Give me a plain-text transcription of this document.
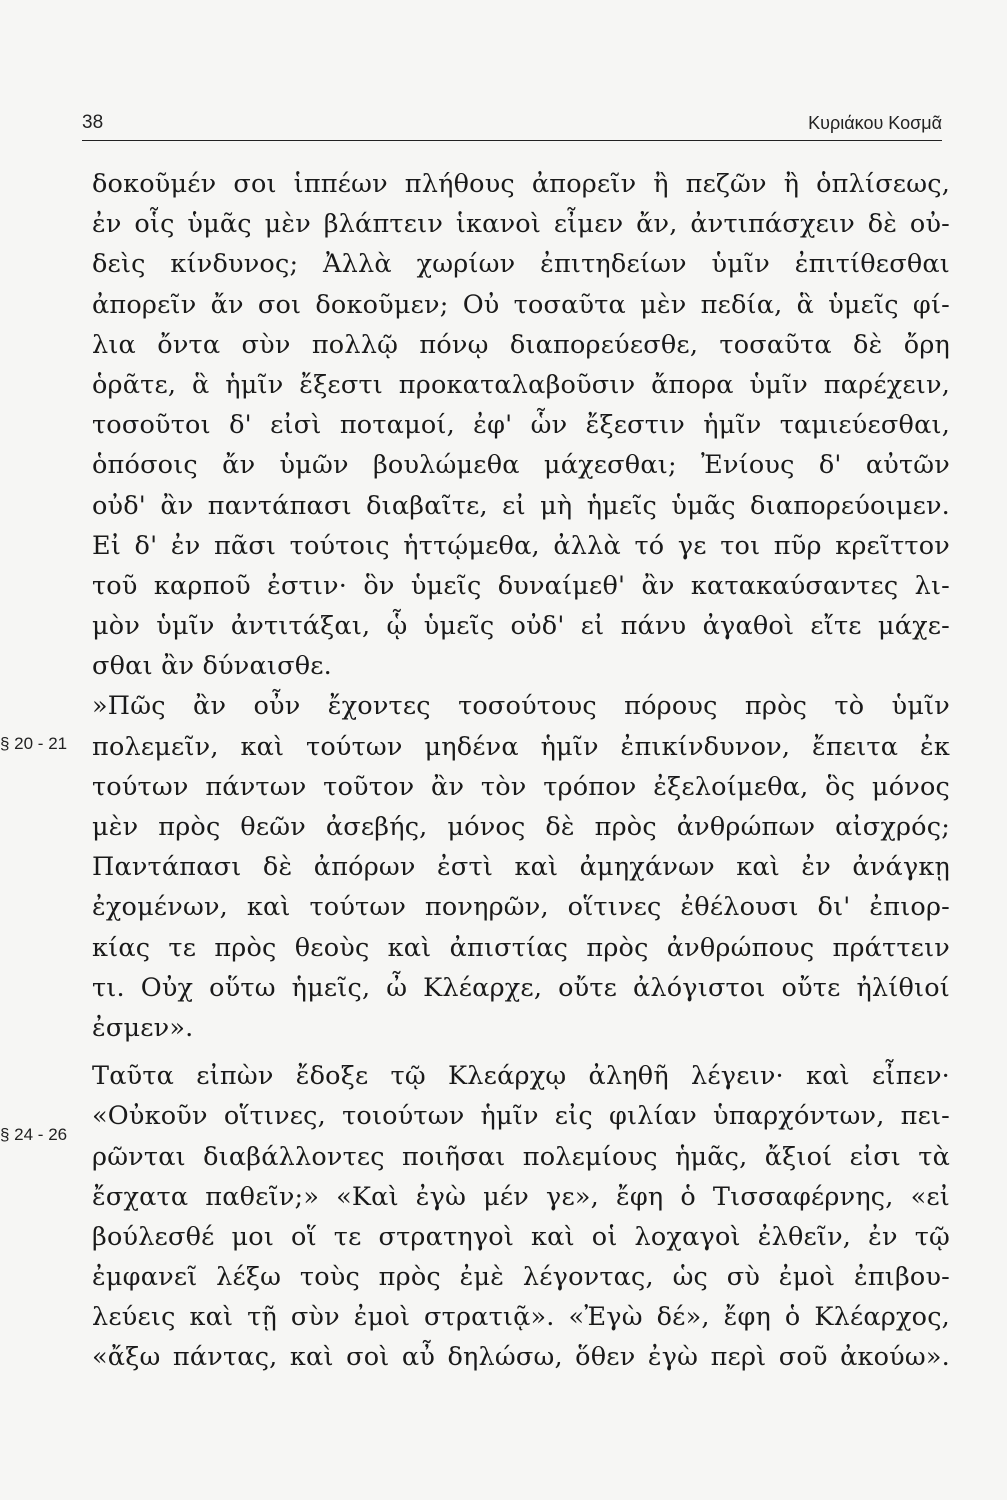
38	Κυριάκου Κοσμᾶ
§ 20 - 21
§ 24 - 26
δοκοῦμέν σοι ἱππέων πλήθους ἀπορεῖν ἢ πεζῶν ἢ ὁπλίσεως,
ἐν οἷς ὑμᾶς μὲν βλάπτειν ἱκανοὶ εἶμεν ἄν, ἀντιπάσχειν δὲ οὐ-
δεὶς κίνδυνος; Ἀλλὰ χωρίων ἐπιτηδείων ὑμῖν ἐπιτίθεσθαι
ἀπορεῖν ἄν σοι δοκοῦμεν; Οὐ τοσαῦτα μὲν πεδία, ἃ ὑμεῖς φί-
λια ὄντα σὺν πολλῷ πόνῳ διαπορεύεσθε, τοσαῦτα δὲ ὄρη
ὁρᾶτε, ἃ ἡμῖν ἔξεστι προκαταλαβοῦσιν ἄπορα ὑμῖν παρέχειν,
τοσοῦτοι δ' εἰσὶ ποταμοί, ἐφ' ὧν ἔξεστιν ἡμῖν ταμιεύεσθαι,
ὁπόσοις ἄν ὑμῶν βουλώμεθα μάχεσθαι; Ἐνίους δ' αὐτῶν
οὐδ' ἂν παντάπασι διαβαῖτε, εἰ μὴ ἡμεῖς ὑμᾶς διαπορεύοιμεν.
Εἰ δ' ἐν πᾶσι τούτοις ἡττῴμεθα, ἀλλὰ τό γε τοι πῦρ κρεῖττον
τοῦ καρποῦ ἐστιν· ὃν ὑμεῖς δυναίμεθ' ἂν κατακαύσαντες λι-
μὸν ὑμῖν ἀντιτάξαι, ᾧ ὑμεῖς οὐδ' εἰ πάνυ ἀγαθοὶ εἴτε μάχε-
σθαι ἂν δύναισθε.
»Πῶς ἂν οὖν ἔχοντες τοσούτους πόρους πρὸς τὸ ὑμῖν
πολεμεῖν, καὶ τούτων μηδένα ἡμῖν ἐπικίνδυνον, ἔπειτα ἐκ
τούτων πάντων τοῦτον ἂν τὸν τρόπον ἐξελοίμεθα, ὃς μόνος
μὲν πρὸς θεῶν ἀσεβής, μόνος δὲ πρὸς ἀνθρώπων αἰσχρός;
Παντάπασι δὲ ἀπόρων ἐστὶ καὶ ἀμηχάνων καὶ ἐν ἀνάγκῃ
ἐχομένων, καὶ τούτων πονηρῶν, οἵτινες ἐθέλουσι δι' ἐπιορ-
κίας τε πρὸς θεοὺς καὶ ἀπιστίας πρὸς ἀνθρώπους πράττειν
τι. Οὐχ οὕτω ἡμεῖς, ὦ Κλέαρχε, οὔτε ἀλόγιστοι οὔτε ἠλίθιοί
ἐσμεν».
Ταῦτα εἰπὼν ἔδοξε τῷ Κλεάρχῳ ἀληθῆ λέγειν· καὶ εἶπεν·
«Οὐκοῦν οἵτινες, τοιούτων ἡμῖν εἰς φιλίαν ὑπαρχόντων, πει-
ρῶνται διαβάλλοντες ποιῆσαι πολεμίους ἡμᾶς, ἄξιοί εἰσι τὰ
ἔσχατα παθεῖν;» «Καὶ ἐγὼ μέν γε», ἔφη ὁ Τισσαφέρνης, «εἰ
βούλεσθέ μοι οἵ τε στρατηγοὶ καὶ οἱ λοχαγοὶ ἐλθεῖν, ἐν τῷ
ἐμφανεῖ λέξω τοὺς πρὸς ἐμὲ λέγοντας, ὡς σὺ ἐμοὶ ἐπιβου-
λεύεις καὶ τῇ σὺν ἐμοὶ στρατιᾷ». «Ἐγὼ δέ», ἔφη ὁ Κλέαρχος,
«ἄξω πάντας, καὶ σοὶ αὖ δηλώσω, ὅθεν ἐγὼ περὶ σοῦ ἀκούω».
